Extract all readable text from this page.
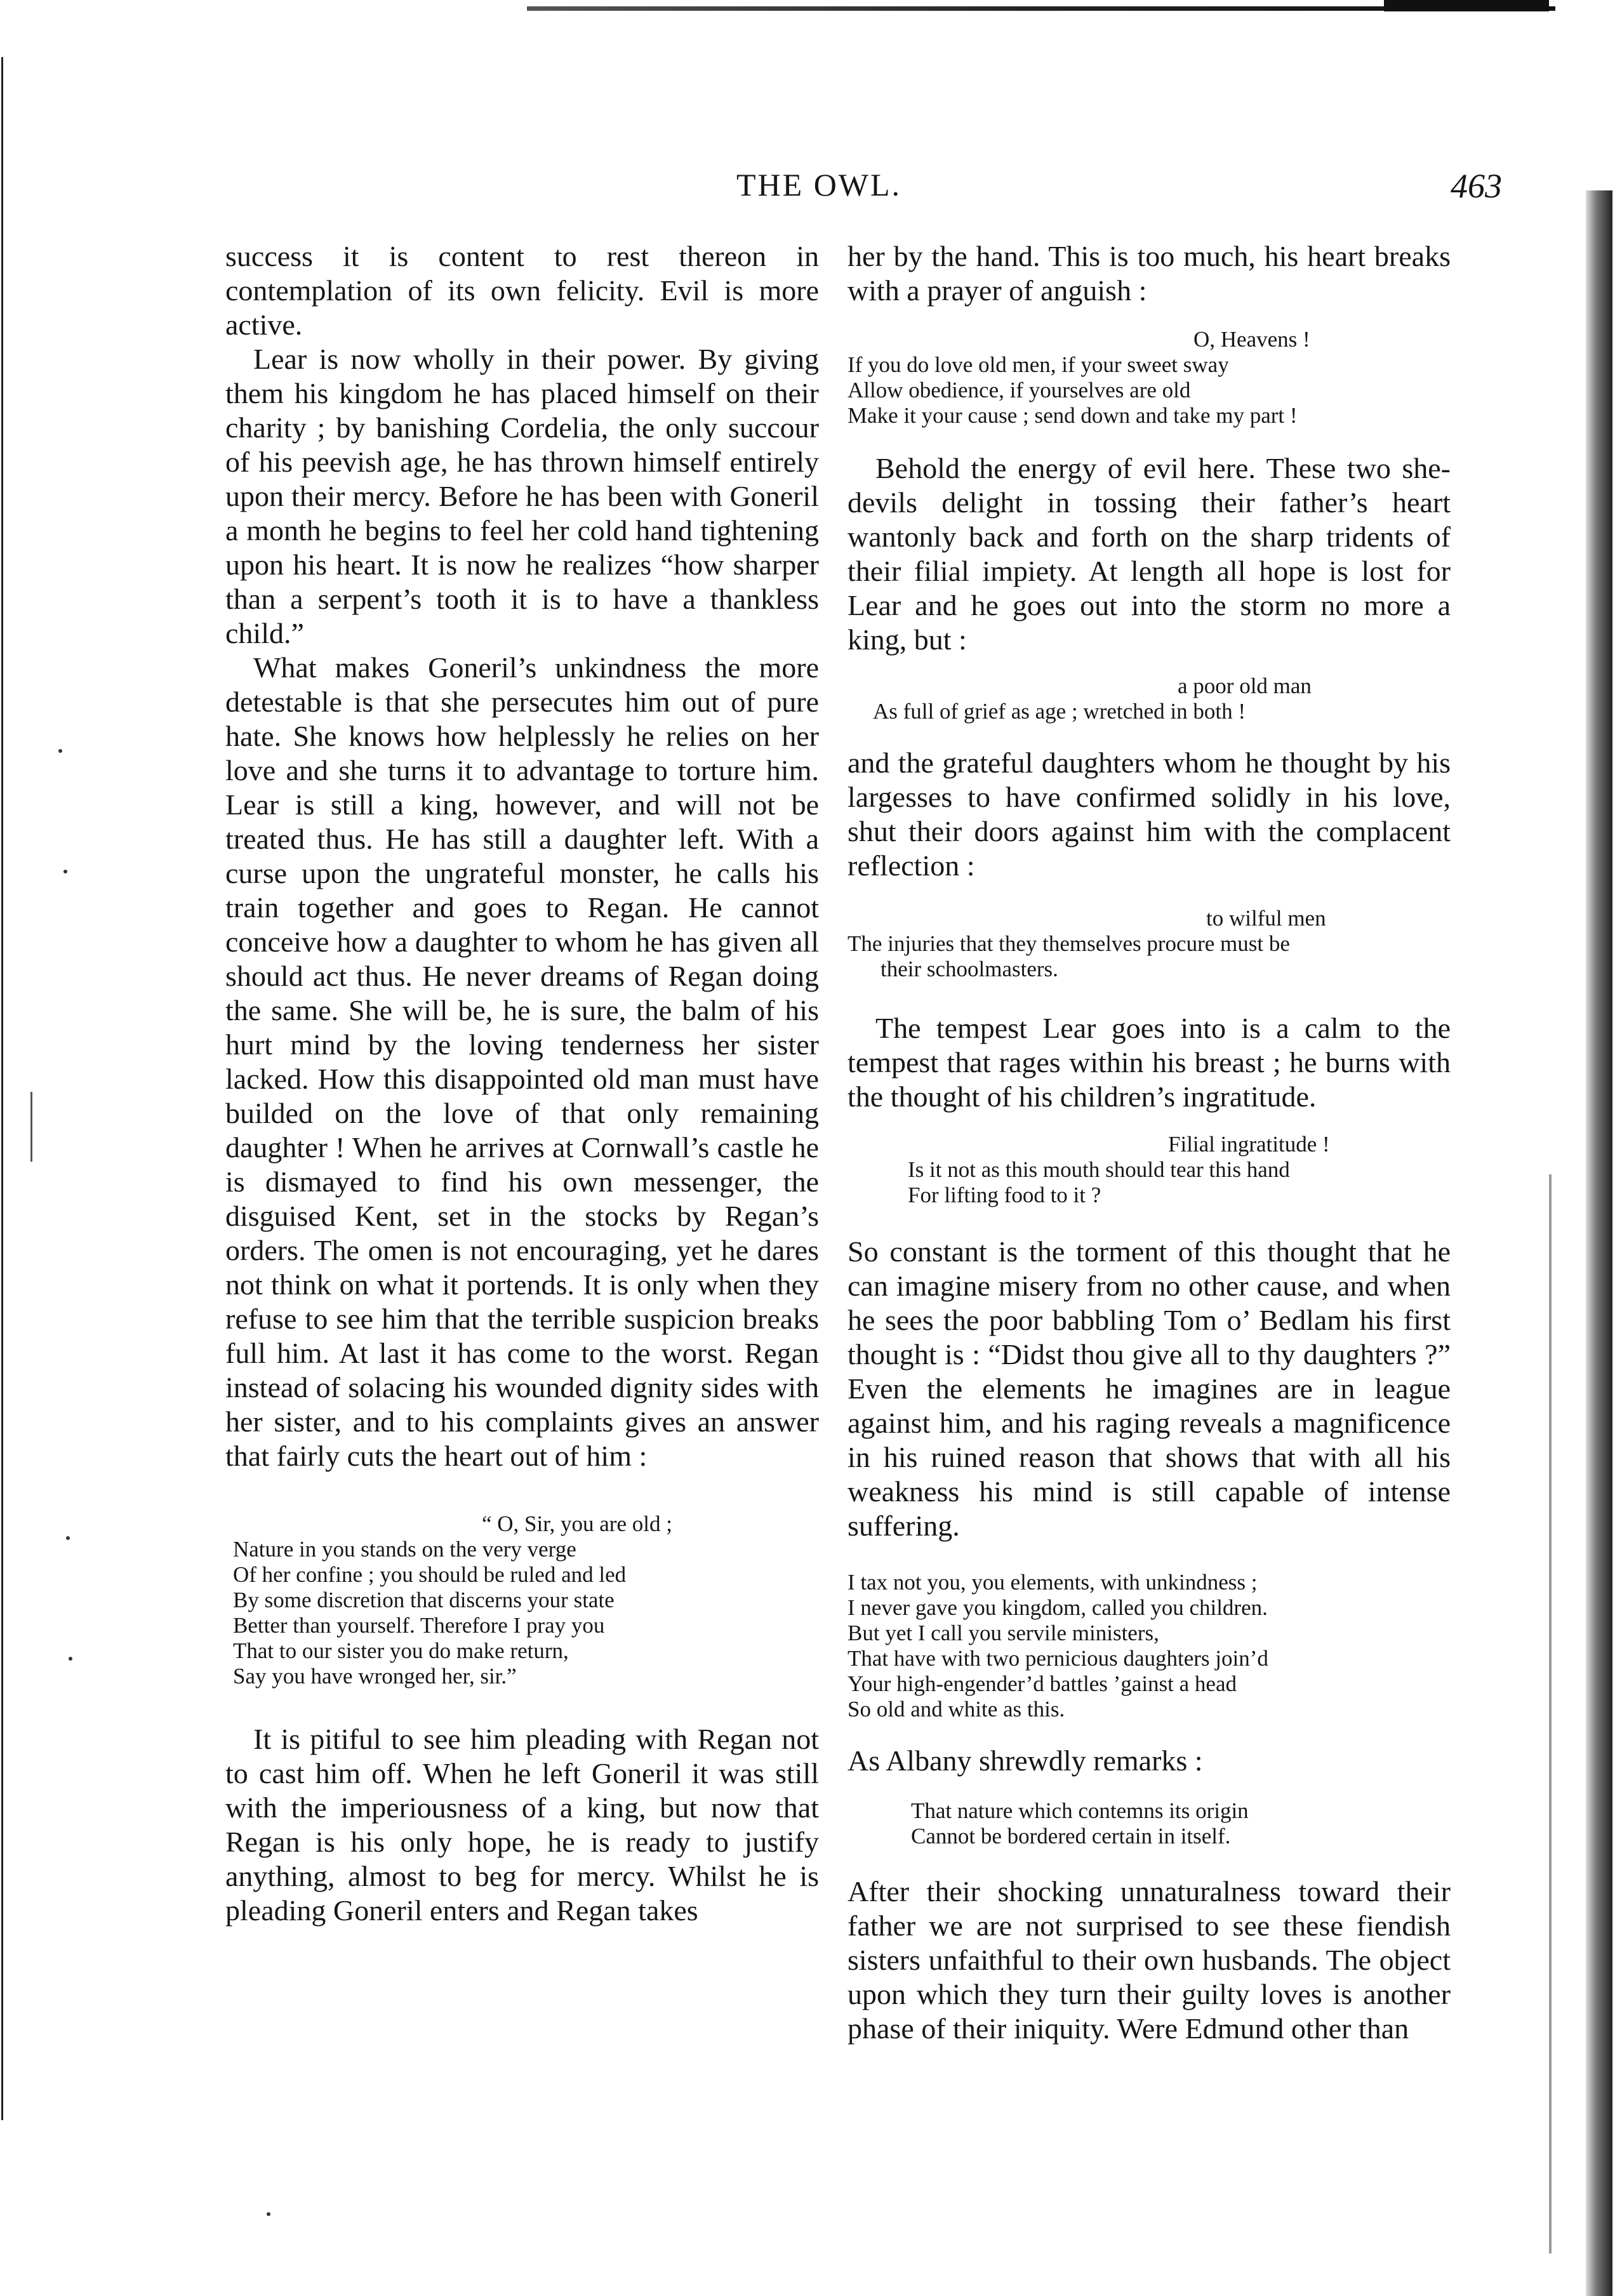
THE OWL.	463

success it is content to rest thereon in contemplation of its own felicity. Evil is more active.

Lear is now wholly in their power. By giving them his kingdom he has placed himself on their charity ; by banishing Cordelia, the only succour of his peevish age, he has thrown himself entirely upon their mercy. Before he has been with Goneril a month he begins to feel her cold hand tightening upon his heart. It is now he realizes “how sharper than a serpent’s tooth it is to have a thankless child.”

What makes Goneril’s unkindness the more detestable is that she persecutes him out of pure hate. She knows how helplessly he relies on her love and she turns it to advantage to torture him. Lear is still a king, however, and will not be treated thus. He has still a daughter left. With a curse upon the ungrateful monster, he calls his train together and goes to Regan. He cannot conceive how a daughter to whom he has given all should act thus. He never dreams of Regan doing the same. She will be, he is sure, the balm of his hurt mind by the loving tenderness her sister lacked. How this disappointed old man must have builded on the love of that only remaining daughter ! When he arrives at Cornwall’s castle he is dismayed to find his own messenger, the disguised Kent, set in the stocks by Regan’s orders. The omen is not encouraging, yet he dares not think on what it portends. It is only when they refuse to see him that the terrible suspicion breaks full him. At last it has come to the worst. Regan instead of solacing his wounded dignity sides with her sister, and to his complaints gives an answer that fairly cuts the heart out of him :

“ O, Sir, you are old ;
Nature in you stands on the very verge
Of her confine ; you should be ruled and led
By some discretion that discerns your state
Better than yourself. Therefore I pray you
That to our sister you do make return,
Say you have wronged her, sir.”

It is pitiful to see him pleading with Regan not to cast him off. When he left Goneril it was still with the imperiousness of a king, but now that Regan is his only hope, he is ready to justify anything, almost to beg for mercy. Whilst he is pleading Goneril enters and Regan takes

her by the hand. This is too much, his heart breaks with a prayer of anguish :

O, Heavens !
If you do love old men, if your sweet sway
Allow obedience, if yourselves are old
Make it your cause ; send down and take my part !

Behold the energy of evil here. These two she-devils delight in tossing their father’s heart wantonly back and forth on the sharp tridents of their filial impiety. At length all hope is lost for Lear and he goes out into the storm no more a king, but :

a poor old man
As full of grief as age ; wretched in both !

and the grateful daughters whom he thought by his largesses to have confirmed solidly in his love, shut their doors against him with the complacent reflection :

to wilful men
The injuries that they themselves procure must be
their schoolmasters.

The tempest Lear goes into is a calm to the tempest that rages within his breast ; he burns with the thought of his children’s ingratitude.

Filial ingratitude !
Is it not as this mouth should tear this hand
For lifting food to it ?

So constant is the torment of this thought that he can imagine misery from no other cause, and when he sees the poor babbling Tom o’ Bedlam his first thought is : “Didst thou give all to thy daughters ?” Even the elements he imagines are in league against him, and his raging reveals a magnificence in his ruined reason that shows that with all his weakness his mind is still capable of intense suffering.

I tax not you, you elements, with unkindness ;
I never gave you kingdom, called you children.
But yet I call you servile ministers,
That have with two pernicious daughters join’d
Your high-engender’d battles ’gainst a head
So old and white as this.

As Albany shrewdly remarks :

That nature which contemns its origin
Cannot be bordered certain in itself.

After their shocking unnaturalness toward their father we are not surprised to see these fiendish sisters unfaithful to their own husbands. The object upon which they turn their guilty loves is another phase of their iniquity. Were Edmund other than
